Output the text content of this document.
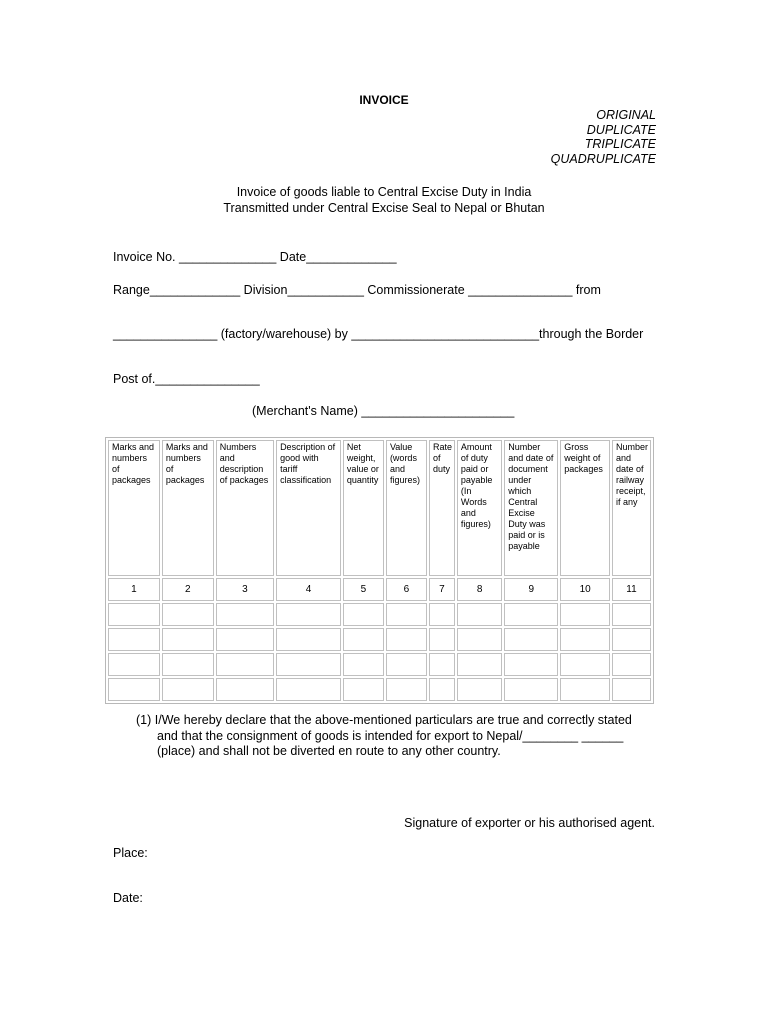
INVOICE
ORIGINAL
DUPLICATE
TRIPLICATE
QUADRUPLICATE
Invoice of goods liable to Central Excise Duty in India
Transmitted under Central Excise Seal to Nepal or Bhutan
Invoice No. ______________ Date_____________
Range_____________ Division___________ Commissionerate _______________ from
_______________ (factory/warehouse) by ___________________________through the Border
Post of._______________
(Merchant's Name) ______________________
Marks and numbers of packages	Marks and numbers of packages	Numbers and description of packages	Description of good with tariff classification	Net weight, value or quantity	Value (words and figures)	Rate of duty	Amount of duty paid or payable (In Words and figures)	Number and date of document under which Central Excise Duty was paid or is payable	Gross weight of packages	Number and date of railway receipt, if any
1	2	3	4	5	6	7	8	9	10	11

(1) I/We hereby declare that the above-mentioned particulars are true and correctly stated
and that the consignment of goods is intended for export to Nepal/________ ______
(place) and shall not be diverted en route to any other country.
Signature of exporter or his authorised agent.
Place:
Date:
